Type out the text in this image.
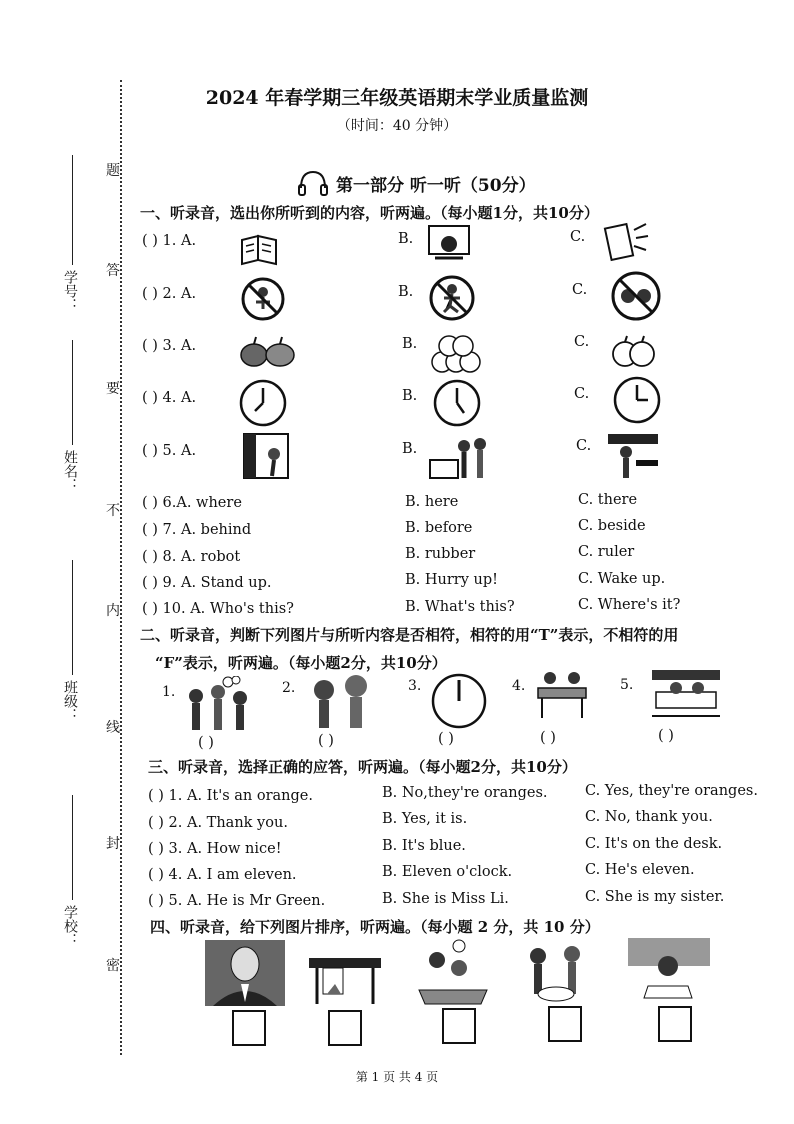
学号：
姓名：
班级：
学校：
题
答
要
不
内
线
封
密
2024 年春学期三年级英语期末学业质量监测
（时间：40 分钟）
第一部分 听一听（50分）
一、听录音，选出你所听到的内容，听两遍。（每小题1分，共10分）
( ) 1. A.	B.	C.
( ) 2. A.	B.	C.
( ) 3. A.	B.	C.
( ) 4. A.	B.	C.
( ) 5. A.	B.	C.
( ) 6.A. where	B. here	C. there
( ) 7. A. behind	B. before	C. beside
( ) 8. A. robot	B. rubber	C. ruler
( ) 9. A. Stand up.	B. Hurry up!	C. Wake up.
( ) 10. A. Who's this?	B. What's this?	C. Where's it?
二、听录音，判断下列图片与所听内容是否相符，相符的用“T”表示，不相符的用
“F”表示，听两遍。（每小题2分，共10分）
1.	2.	3.	4.	5.
( )	( )	( )	( )	( )
三、听录音，选择正确的应答，听两遍。（每小题2分，共10分）
( ) 1. A. It's an orange.	B. No,they're oranges.	C. Yes, they're oranges.
( ) 2. A. Thank you.	B. Yes, it is.	C. No, thank you.
( ) 3. A. How nice!	B. It's blue.	C. It's on the desk.
( ) 4. A. I am eleven.	B. Eleven o'clock.	C. He's eleven.
( ) 5. A. He is Mr Green.	B. She is Miss Li.	C. She is my sister.
四、听录音，给下列图片排序，听两遍。（每小题 2 分，共 10 分）
第 1 页 共 4 页
